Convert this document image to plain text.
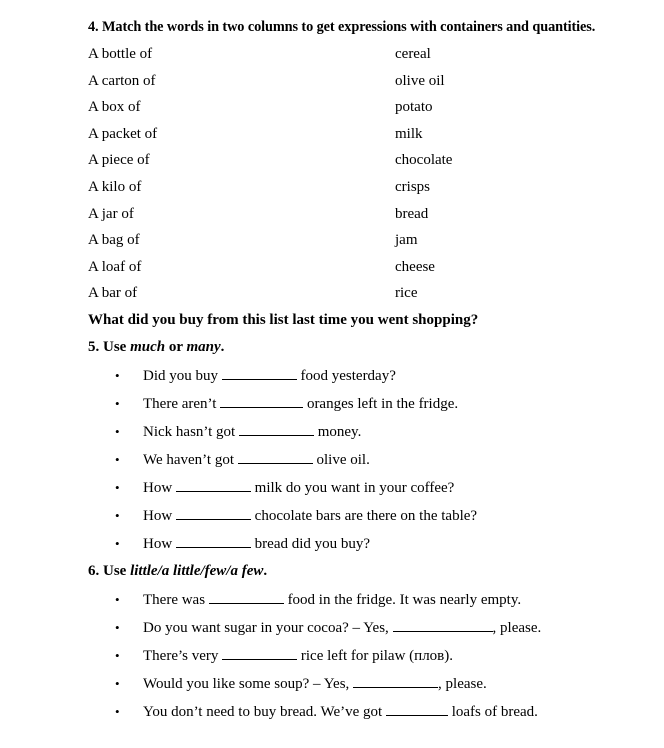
4. Match the words in two columns to get expressions with containers and quantities.
A bottle of	cereal
A carton of	olive oil
A box of	potato
A packet of	milk
A piece of	chocolate
A kilo of	crisps
A jar of	bread
A bag of	jam
A loaf of	cheese
A bar of	rice
What did you buy from this list last time you went shopping?
5. Use much or many.
•	Did you buy	food yesterday?
•	There aren’t	oranges left in the fridge.
•	Nick hasn’t got	money.
•	We haven’t got	olive oil.
•	How	milk do you want in your coffee?
•	How	chocolate bars are there on the table?
•	How	bread did you buy?
6. Use little/a little/few/a few.
•	There was	food in the fridge. It was nearly empty.
•	Do you want sugar in your cocoa? – Yes,	, please.
•	There’s very	rice left for pilaw (плов).
•	Would you like some soup? – Yes,	, please.
•	You don’t need to buy bread. We’ve got	loafs of bread.
